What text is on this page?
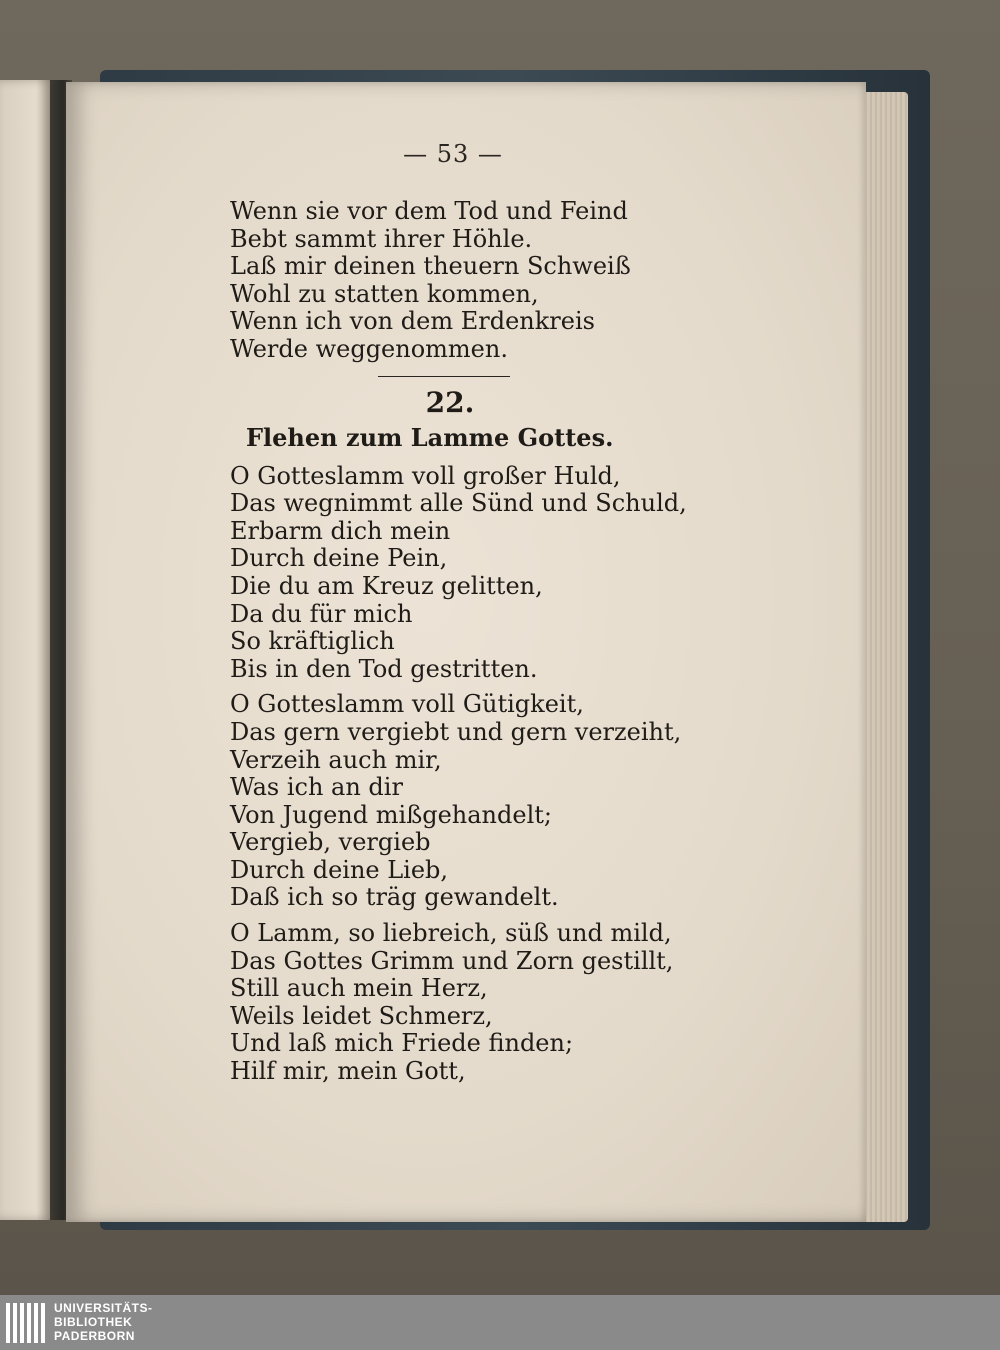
— 53 —
Wenn sie vor dem Tod und Feind
Bebt sammt ihrer Höhle.
Laß mir deinen theuern Schweiß
Wohl zu statten kommen,
Wenn ich von dem Erdenkreis
Werde weggenommen.
22.
Flehen zum Lamme Gottes.
O Gotteslamm voll großer Huld,
Das wegnimmt alle Sünd und Schuld,
Erbarm dich mein
Durch deine Pein,
Die du am Kreuz gelitten,
Da du für mich
So kräftiglich
Bis in den Tod gestritten.
O Gotteslamm voll Gütigkeit,
Das gern vergiebt und gern verzeiht,
Verzeih auch mir,
Was ich an dir
Von Jugend mißgehandelt;
Vergieb, vergieb
Durch deine Lieb,
Daß ich so träg gewandelt.
O Lamm, so liebreich, süß und mild,
Das Gottes Grimm und Zorn gestillt,
Still auch mein Herz,
Weils leidet Schmerz,
Und laß mich Friede finden;
Hilf mir, mein Gott,
UNIVERSITÄTS-
BIBLIOTHEK
PADERBORN
